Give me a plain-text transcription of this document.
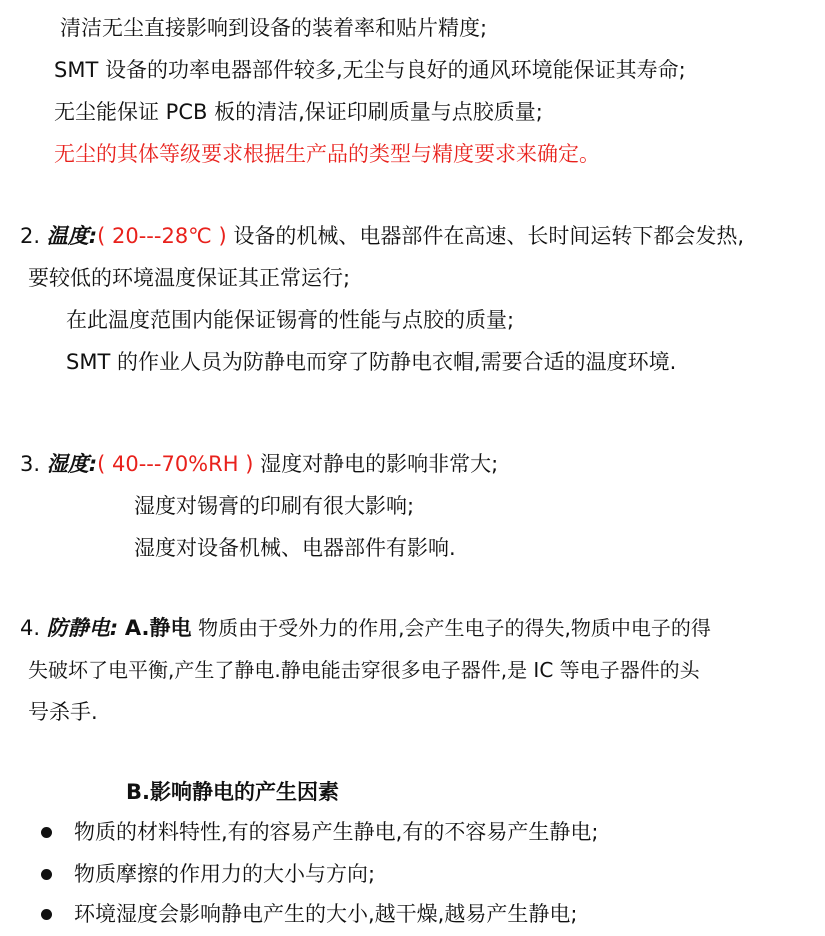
清洁无尘直接影响到设备的装着率和贴片精度;
SMT 设备的功率电器部件较多,无尘与良好的通风环境能保证其寿命;
无尘能保证 PCB 板的清洁,保证印刷质量与点胶质量;
无尘的其体等级要求根据生产品的类型与精度要求来确定。
2. 温度:( 20---28℃ ) 设备的机械、电器部件在高速、长时间运转下都会发热,
要较低的环境温度保证其正常运行;
在此温度范围内能保证锡膏的性能与点胶的质量;
SMT 的作业人员为防静电而穿了防静电衣帽,需要合适的温度环境.
3. 湿度:( 40---70%RH ) 湿度对静电的影响非常大;
湿度对锡膏的印刷有很大影响;
湿度对设备机械、电器部件有影响.
4. 防静电: A.静电 物质由于受外力的作用,会产生电子的得失,物质中电子的得
失破坏了电平衡,产生了静电.静电能击穿很多电子器件,是 IC 等电子器件的头
号杀手.
B.影响静电的产生因素
物质的材料特性,有的容易产生静电,有的不容易产生静电;
物质摩擦的作用力的大小与方向;
环境湿度会影响静电产生的大小,越干燥,越易产生静电;
